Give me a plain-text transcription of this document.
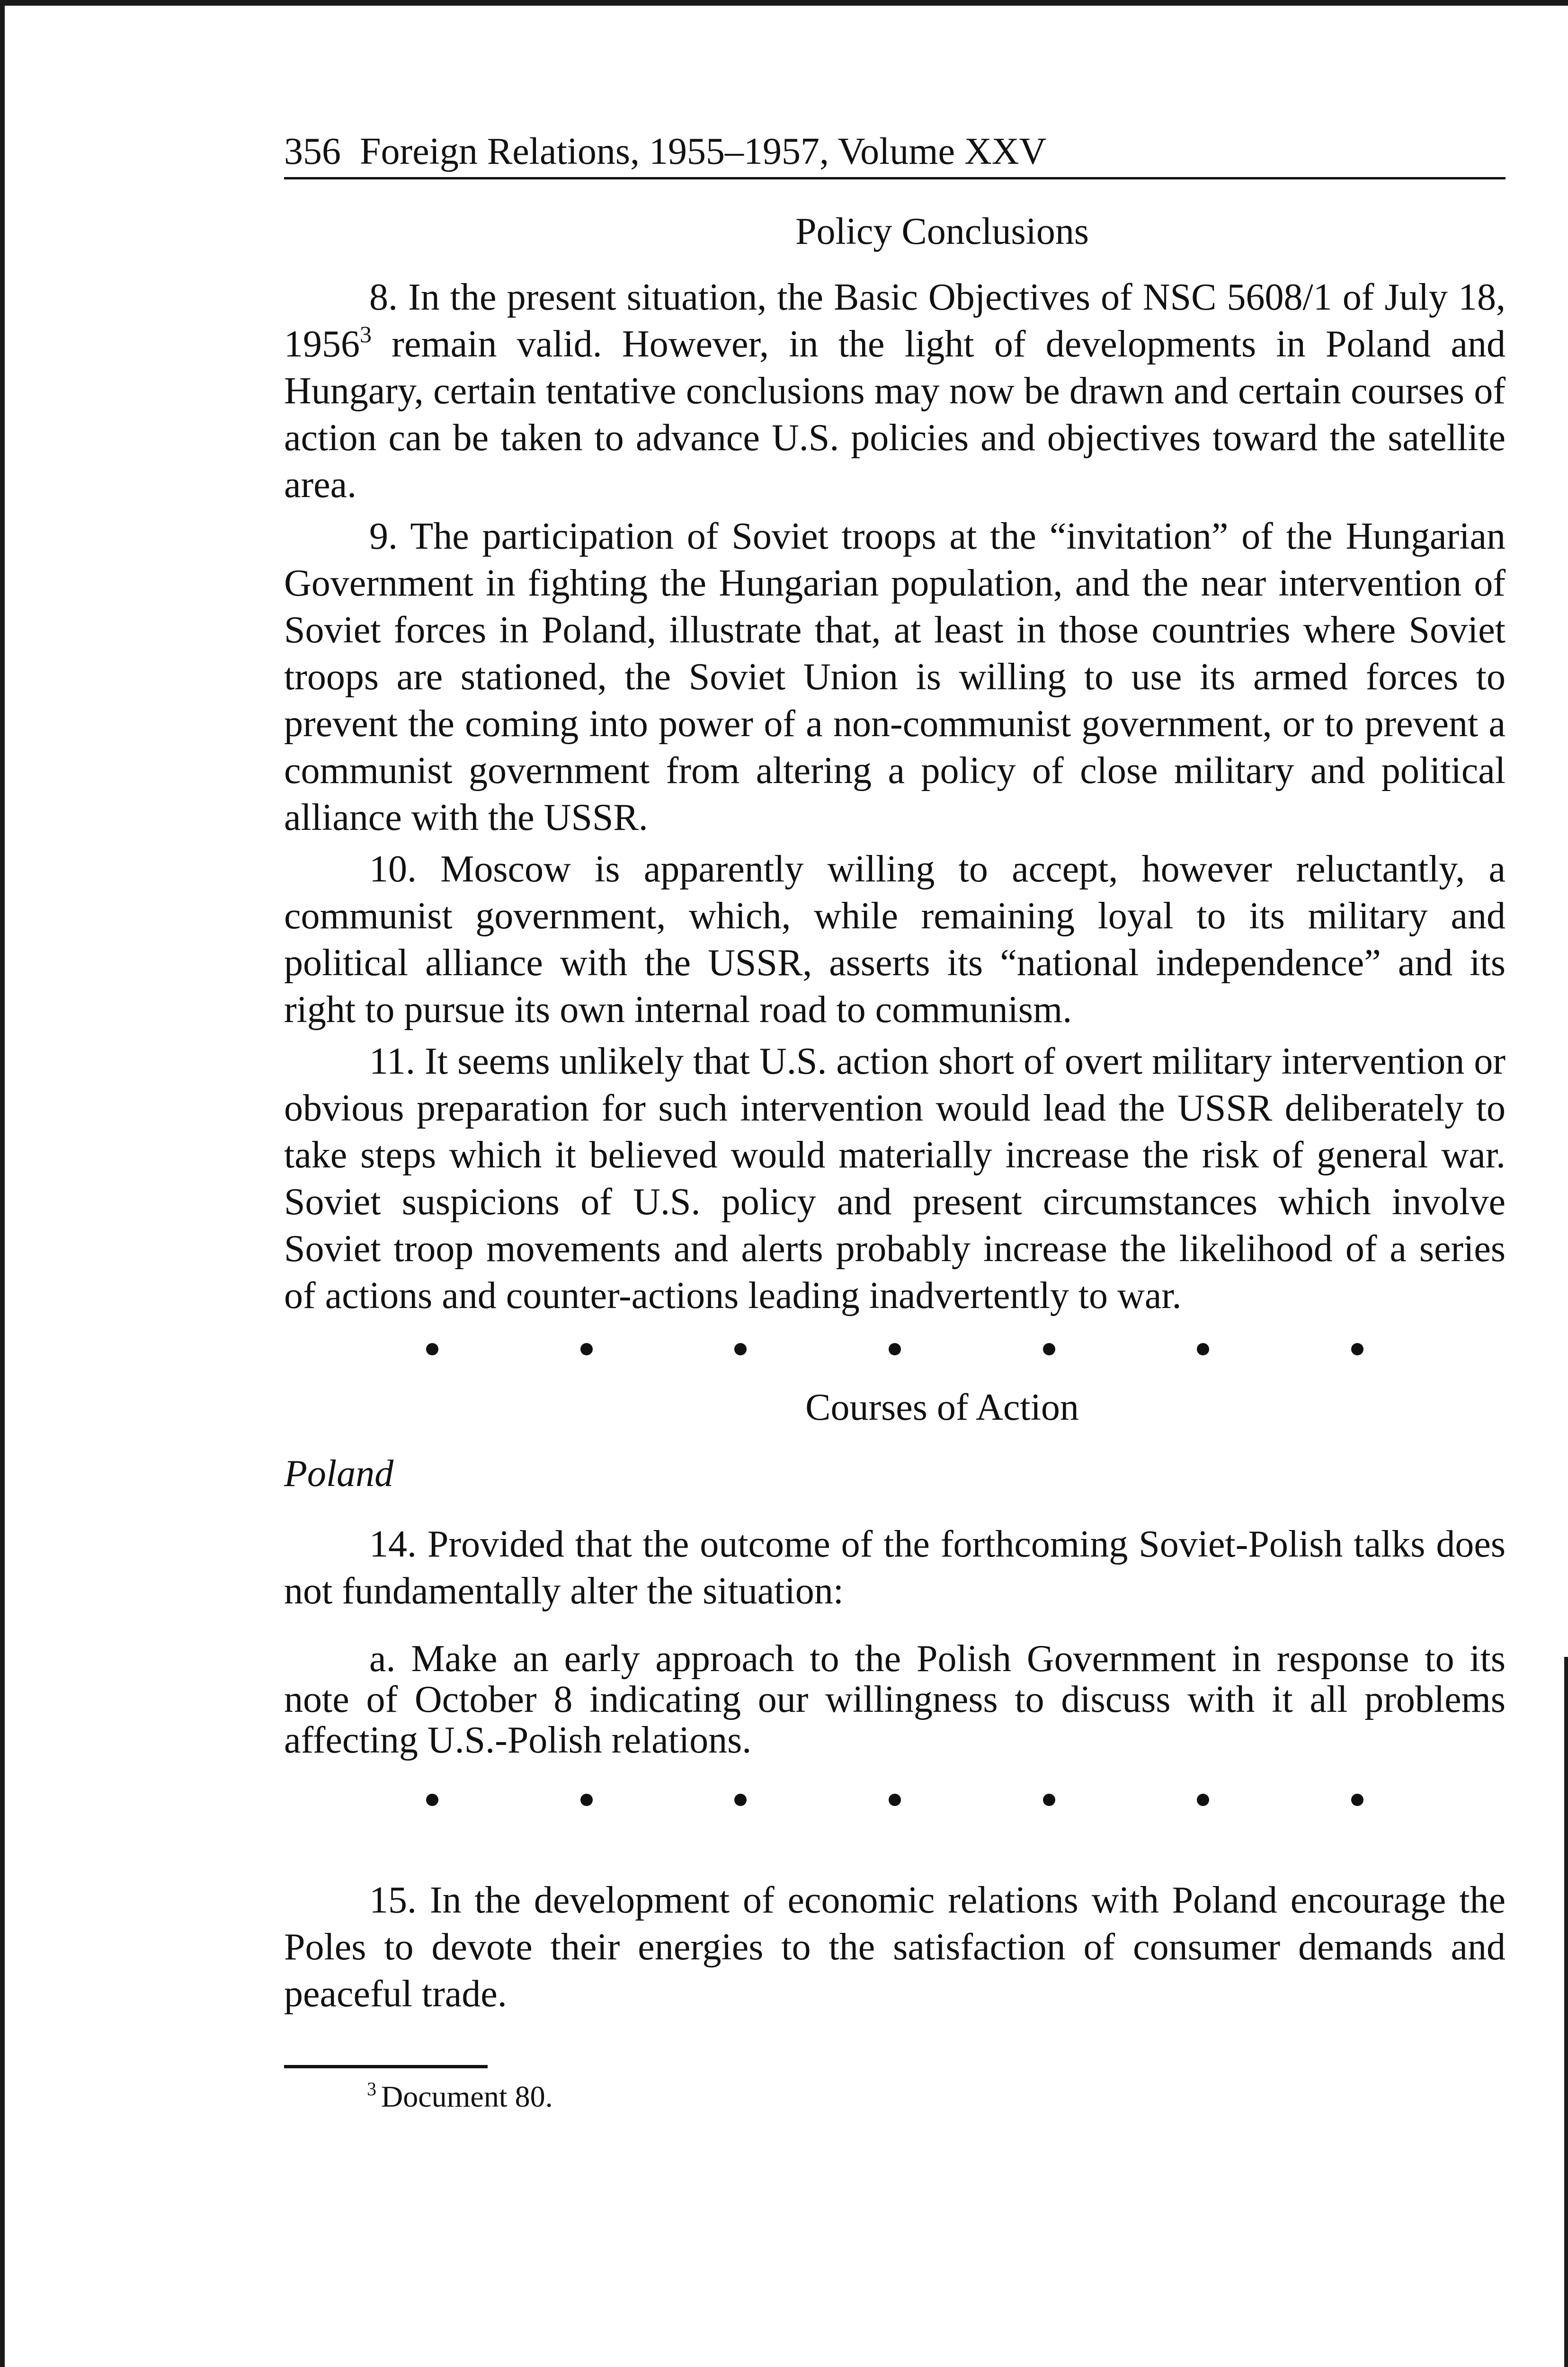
356 Foreign Relations, 1955–1957, Volume XXV
Policy Conclusions

8. In the present situation, the Basic Objectives of NSC 5608/1 of July 18, 1956$^3$ remain valid. However, in the light of developments in Poland and Hungary, certain tentative conclusions may now be drawn and certain courses of action can be taken to advance U.S. policies and objectives toward the satellite area.

9. The participation of Soviet troops at the “invitation” of the Hungarian Government in fighting the Hungarian population, and the near intervention of Soviet forces in Poland, illustrate that, at least in those countries where Soviet troops are stationed, the Soviet Union is willing to use its armed forces to prevent the coming into power of a non-communist government, or to prevent a communist government from altering a policy of close military and political alliance with the USSR.

10. Moscow is apparently willing to accept, however reluctantly, a communist government, which, while remaining loyal to its military and political alliance with the USSR, asserts its “national independence” and its right to pursue its own internal road to communism.

11. It seems unlikely that U.S. action short of overt military intervention or obvious preparation for such intervention would lead the USSR deliberately to take steps which it believed would materially increase the risk of general war. Soviet suspicions of U.S. policy and present circumstances which involve Soviet troop movements and alerts probably increase the likelihood of a series of actions and counter-actions leading inadvertently to war.

Courses of Action
Poland

14. Provided that the outcome of the forthcoming Soviet-Polish talks does not fundamentally alter the situation:

a. Make an early approach to the Polish Government in response to its note of October 8 indicating our willingness to discuss with it all problems affecting U.S.-Polish relations.

15. In the development of economic relations with Poland encourage the Poles to devote their energies to the satisfaction of consumer demands and peaceful trade.

$^3$ Document 80.
